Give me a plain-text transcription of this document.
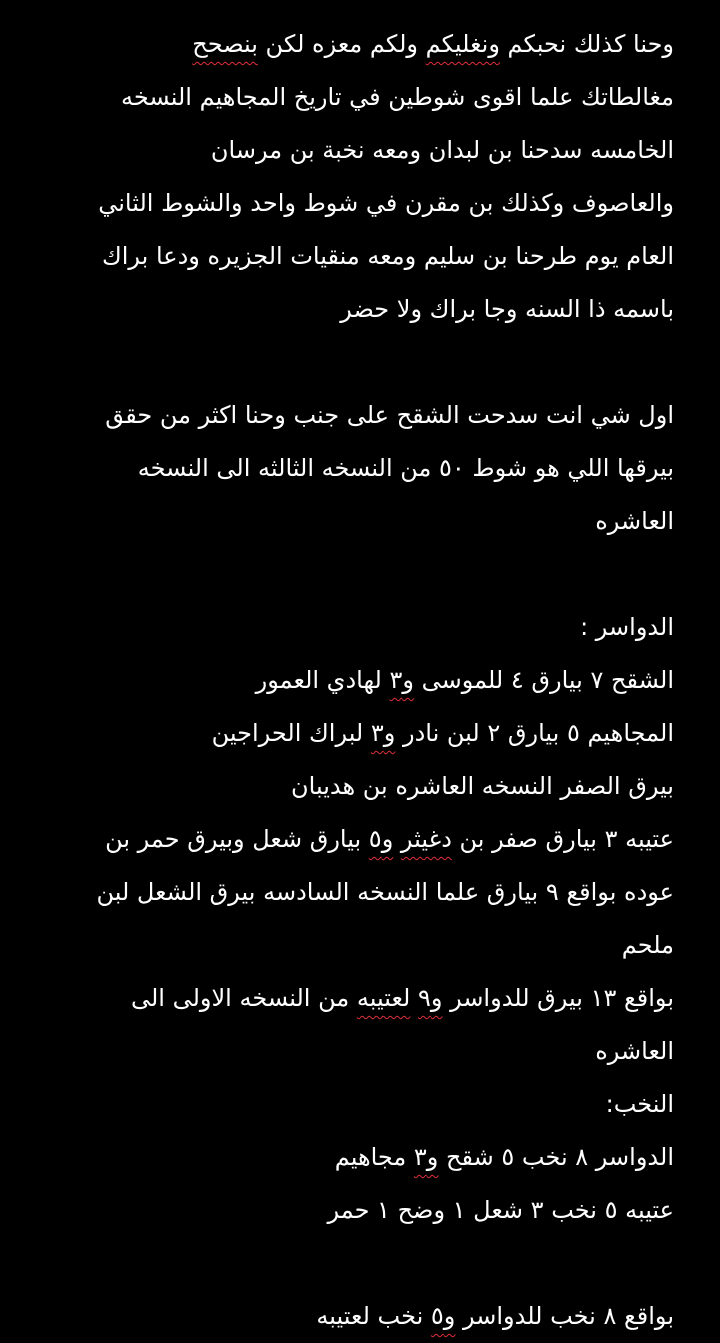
وحنا كذلك نحبكم ونغليكم ولكم معزه لكن بنصحح
مغالطاتك علما اقوى شوطين في تاريخ المجاهيم النسخه
الخامسه سدحنا بن لبدان ومعه نخبة بن مرسان
والعاصوف وكذلك بن مقرن في شوط واحد والشوط الثاني
العام يوم طرحنا بن سليم ومعه منقيات الجزيره ودعا براك
باسمه ذا السنه وجا براك ولا حضر
اول شي انت سدحت الشقح على جنب وحنا اكثر من حقق
بيرقها اللي هو شوط ٥٠ من النسخه الثالثه الى النسخه
العاشره
الدواسر :
الشقح ٧ بيارق ٤ للموسى و٣ لهادي العمور
المجاهيم ٥ بيارق ٢ لبن نادر و٣ لبراك الحراجين
بيرق الصفر النسخه العاشره بن هديبان
عتيبه ٣ بيارق صفر بن دغيثر و٥ بيارق شعل وبيرق حمر بن
عوده بواقع ٩ بيارق علما النسخه السادسه بيرق الشعل لبن
ملحم
بواقع ١٣ بيرق للدواسر و٩ لعتيبه من النسخه الاولى الى
العاشره
النخب:
الدواسر ٨ نخب ٥ شقح و٣ مجاهيم
عتيبه ٥ نخب ٣ شعل ١ وضح ١ حمر
بواقع ٨ نخب للدواسر و٥ نخب لعتيبه
